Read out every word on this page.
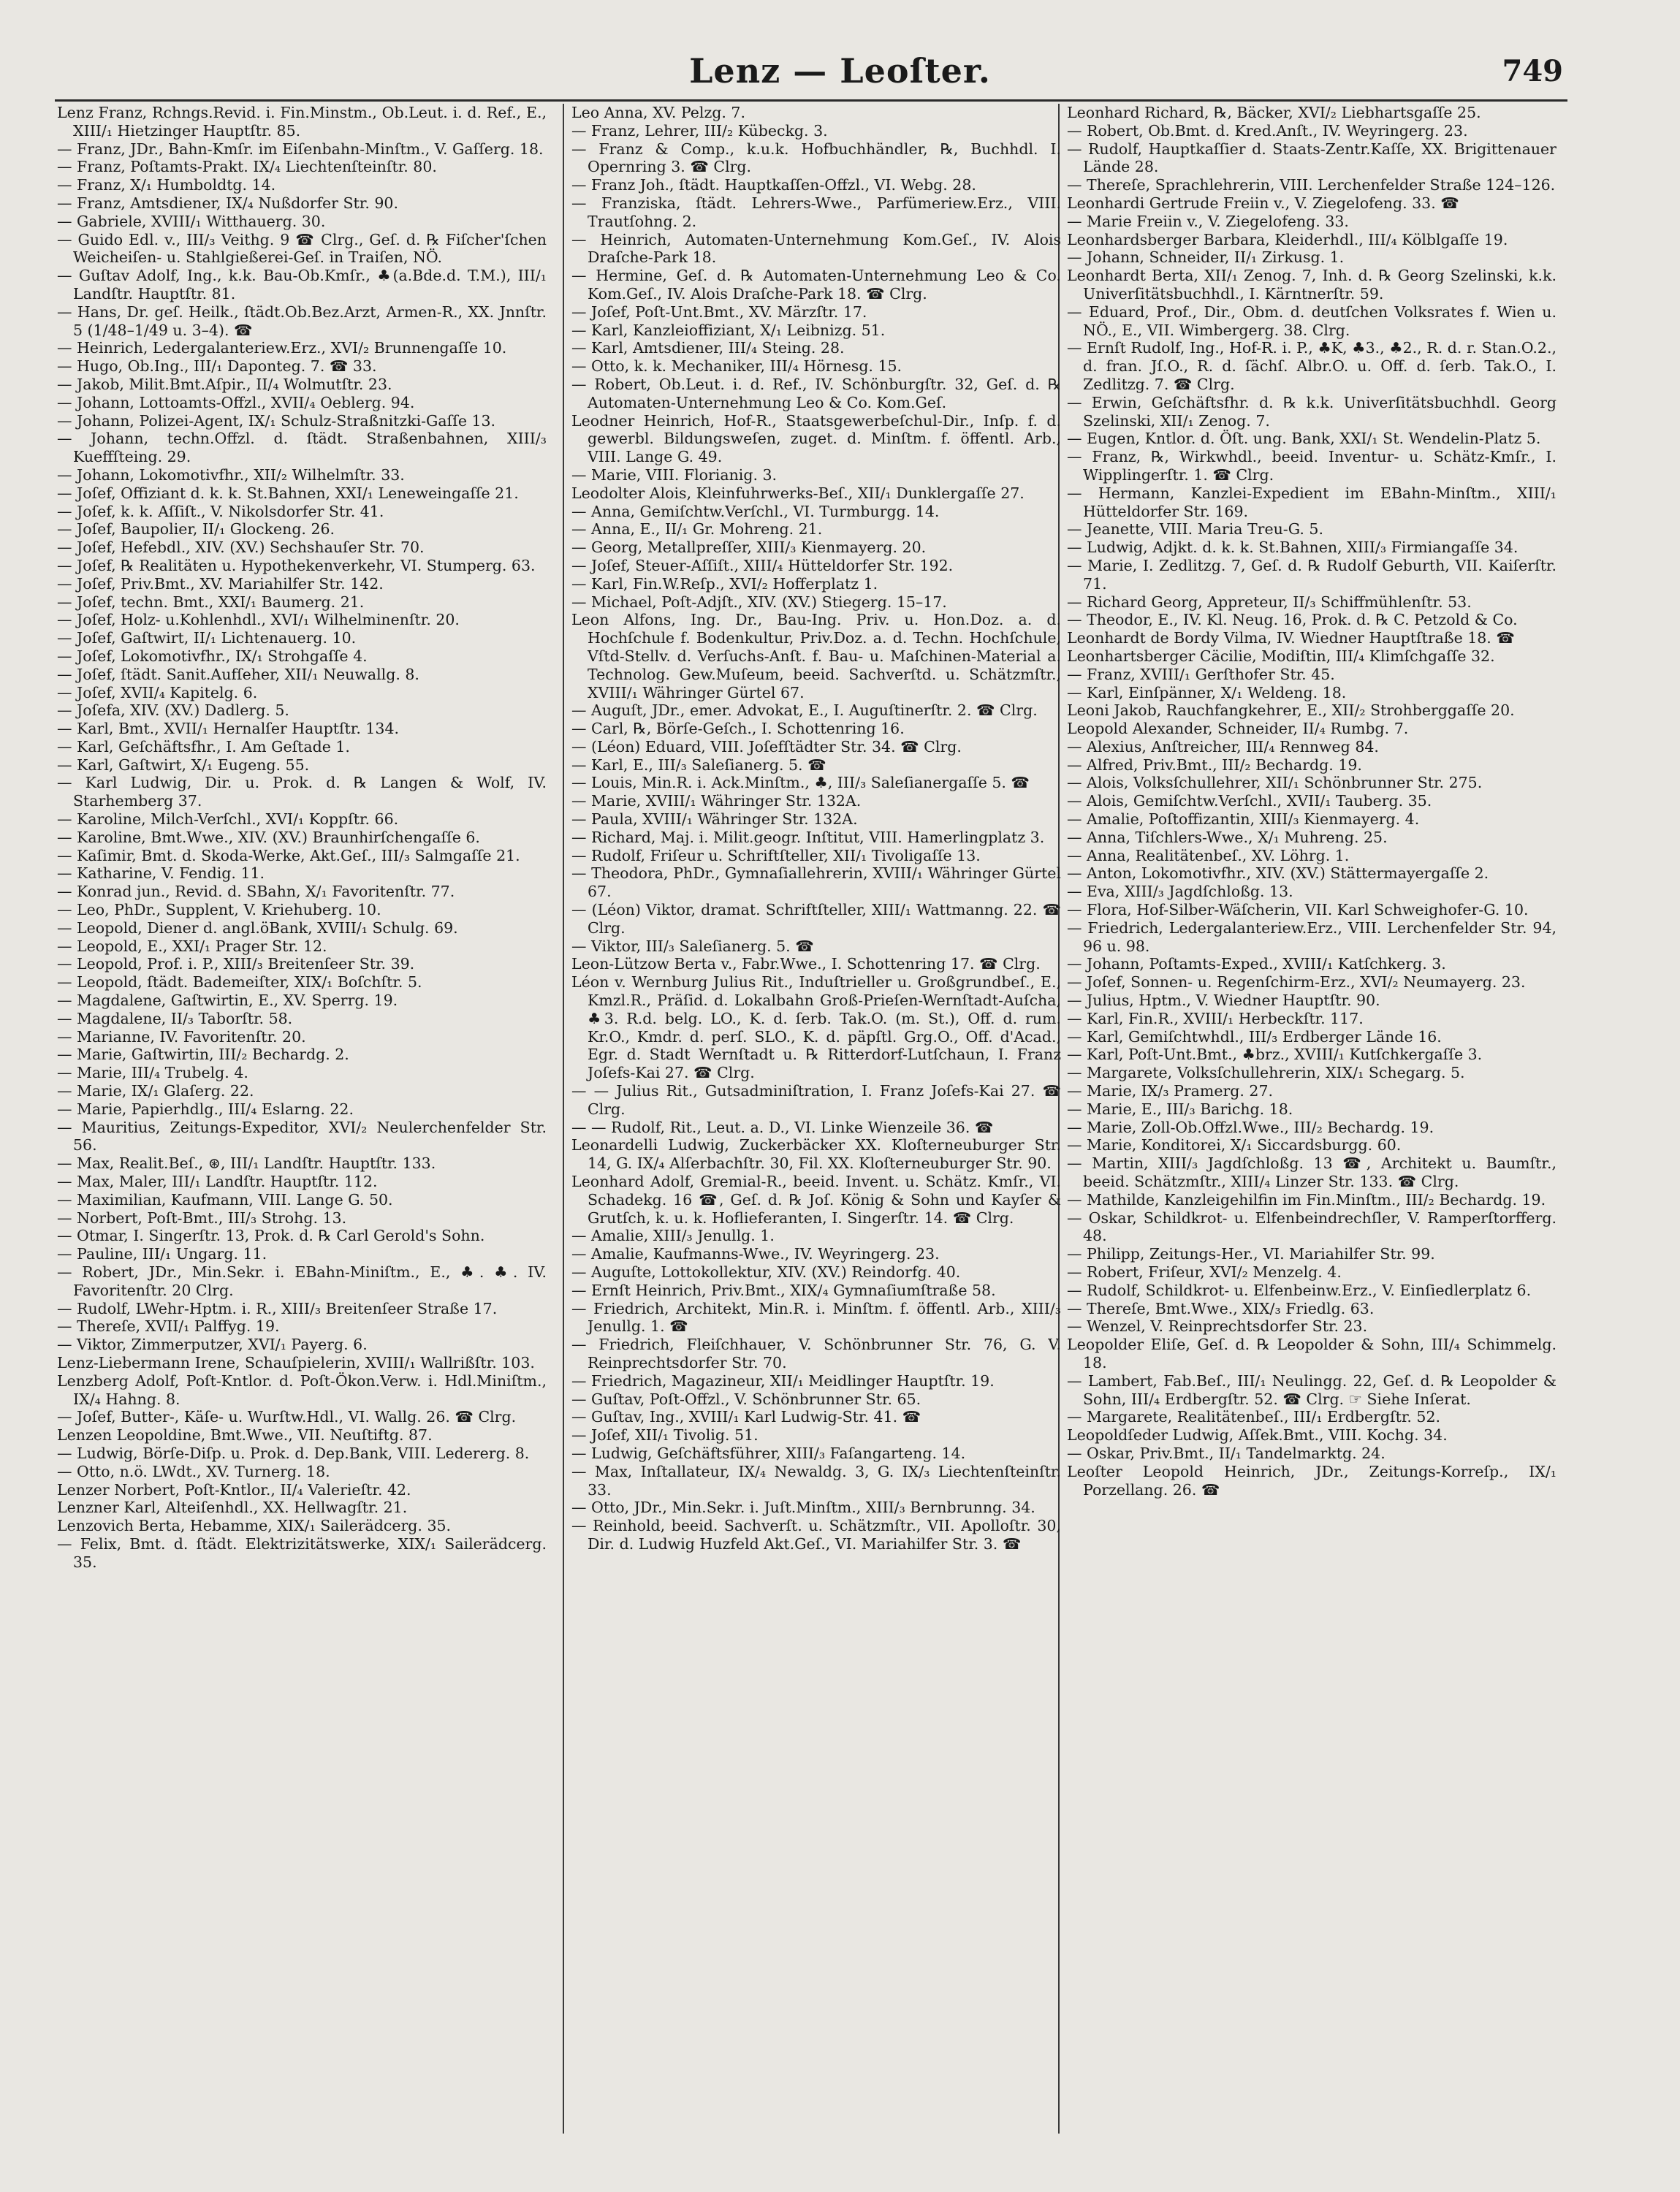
Lenz — Leoſter.	749

Lenz Franz, Rchngs.Revid. i. Fin.Minstm., Ob.Leut. i. d. Ref., E., XIII/₁ Hietzinger Hauptſtr. 85.

— Franz, JDr., Bahn-Kmſr. im Eiſenbahn-Minſtm., V. Gaſſerg. 18.

— Franz, Poſtamts-Prakt. IX/₄ Liechtenſteinſtr. 80.

— Franz, X/₁ Humboldtg. 14.

— Franz, Amtsdiener, IX/₄ Nußdorfer Str. 90.

— Gabriele, XVIII/₁ Witthauerg. 30.

— Guido Edl. v., III/₃ Veithg. 9 ☎ Clrg., Geſ. d. ℞ Fiſcher'ſchen Weicheiſen- u. Stahlgießerei-Geſ. in Traiſen, NÖ.

— Guſtav Adolf, Ing., k.k. Bau-Ob.Kmſr., ♣(a.Bde.d. T.M.), III/₁ Landſtr. Hauptſtr. 81.

— Hans, Dr. geſ. Heilk., ſtädt.Ob.Bez.Arzt, Armen-R., XX. Jnnſtr. 5 (1/48–1/49 u. 3–4). ☎

— Heinrich, Ledergalanteriew.Erz., XVI/₂ Brunnengaſſe 10.

— Hugo, Ob.Ing., III/₁ Daponteg. 7. ☎ 33.

— Jakob, Milit.Bmt.Aſpir., II/₄ Wolmutſtr. 23.

— Johann, Lottoamts-Offzl., XVII/₄ Oeblerg. 94.

— Johann, Polizei-Agent, IX/₁ Schulz-Straßnitzki-Gaſſe 13.

— Johann, techn.Offzl. d. ſtädt. Straßenbahnen, XIII/₃ Kueffſteing. 29.

— Johann, Lokomotivfhr., XII/₂ Wilhelmſtr. 33.

— Joſef, Offiziant d. k. k. St.Bahnen, XXI/₁ Leneweingaſſe 21.

— Joſef, k. k. Aſſiſt., V. Nikolsdorfer Str. 41.

— Joſef, Baupolier, II/₁ Glockeng. 26.

— Joſef, Hefebdl., XIV. (XV.) Sechshauſer Str. 70.

— Joſef, ℞ Realitäten u. Hypothekenverkehr, VI. Stumperg. 63.

— Joſef, Priv.Bmt., XV. Mariahilfer Str. 142.

— Joſef, techn. Bmt., XXI/₁ Baumerg. 21.

— Joſef, Holz- u.Kohlenhdl., XVI/₁ Wilhelminenſtr. 20.

— Joſef, Gaſtwirt, II/₁ Lichtenauerg. 10.

— Joſef, Lokomotivfhr., IX/₁ Strohgaſſe 4.

— Joſef, ſtädt. Sanit.Aufſeher, XII/₁ Neuwallg. 8.

— Joſef, XVII/₄ Kapitelg. 6.

— Joſefa, XIV. (XV.) Dadlerg. 5.

— Karl, Bmt., XVII/₁ Hernalſer Hauptſtr. 134.

— Karl, Geſchäftsfhr., I. Am Geſtade 1.

— Karl, Gaſtwirt, X/₁ Eugeng. 55.

— Karl Ludwig, Dir. u. Prok. d. ℞ Langen & Wolf, IV. Starhemberg 37.

— Karoline, Milch-Verſchl., XVI/₁ Koppſtr. 66.

— Karoline, Bmt.Wwe., XIV. (XV.) Braunhirſchengaſſe 6.

— Kaſimir, Bmt. d. Skoda-Werke, Akt.Geſ., III/₃ Salmgaſſe 21.

— Katharine, V. Fendig. 11.

— Konrad jun., Revid. d. SBahn, X/₁ Favoritenſtr. 77.

— Leo, PhDr., Supplent, V. Kriehuberg. 10.

— Leopold, Diener d. angl.öBank, XVIII/₁ Schulg. 69.

— Leopold, E., XXI/₁ Prager Str. 12.

— Leopold, Prof. i. P., XIII/₃ Breitenſeer Str. 39.

— Leopold, ſtädt. Bademeiſter, XIX/₁ Boſchſtr. 5.

— Magdalene, Gaſtwirtin, E., XV. Sperrg. 19.

— Magdalene, II/₃ Taborſtr. 58.

— Marianne, IV. Favoritenſtr. 20.

— Marie, Gaſtwirtin, III/₂ Bechardg. 2.

— Marie, III/₄ Trubelg. 4.

— Marie, IX/₁ Glaſerg. 22.

— Marie, Papierhdlg., III/₄ Eslarng. 22.

— Mauritius, Zeitungs-Expeditor, XVI/₂ Neulerchenfelder Str. 56.

— Max, Realit.Beſ., ⊛, III/₁ Landſtr. Hauptſtr. 133.

— Max, Maler, III/₁ Landſtr. Hauptſtr. 112.

— Maximilian, Kaufmann, VIII. Lange G. 50.

— Norbert, Poſt-Bmt., III/₃ Strohg. 13.

— Otmar, I. Singerſtr. 13, Prok. d. ℞ Carl Gerold's Sohn.

— Pauline, III/₁ Ungarg. 11.

— Robert, JDr., Min.Sekr. i. EBahn-Miniſtm., E., ♣. ♣. IV. Favoritenſtr. 20 Clrg.

— Rudolf, LWehr-Hptm. i. R., XIII/₃ Breitenſeer Straße 17.

— Thereſe, XVII/₁ Palffyg. 19.

— Viktor, Zimmerputzer, XVI/₁ Payerg. 6.

Lenz-Liebermann Irene, Schauſpielerin, XVIII/₁ Wallrißſtr. 103.

Lenzberg Adolf, Poſt-Kntlor. d. Poſt-Ökon.Verw. i. Hdl.Miniſtm., IX/₄ Hahng. 8.

— Joſef, Butter-, Käſe- u. Wurſtw.Hdl., VI. Wallg. 26. ☎ Clrg.

Lenzen Leopoldine, Bmt.Wwe., VII. Neuſtiftg. 87.

— Ludwig, Börſe-Diſp. u. Prok. d. Dep.Bank, VIII. Ledererg. 8.

— Otto, n.ö. LWdt., XV. Turnerg. 18.

Lenzer Norbert, Poſt-Kntlor., II/₄ Valerieſtr. 42.

Lenzner Karl, Alteiſenhdl., XX. Hellwagſtr. 21.

Lenzovich Berta, Hebamme, XIX/₁ Sailerädcerg. 35.

— Felix, Bmt. d. ſtädt. Elektrizitätswerke, XIX/₁ Sailerädcerg. 35.

Leo Anna, XV. Pelzg. 7.

— Franz, Lehrer, III/₂ Kübeckg. 3.

— Franz & Comp., k.u.k. Hofbuchhändler, ℞, Buchhdl. I. Opernring 3. ☎ Clrg.

— Franz Joh., ſtädt. Hauptkaſſen-Offzl., VI. Webg. 28.

— Franziska, ſtädt. Lehrers-Wwe., Parfümeriew.Erz., VIII. Trautſohng. 2.

— Heinrich, Automaten-Unternehmung Kom.Geſ., IV. Alois Draſche-Park 18.

— Hermine, Geſ. d. ℞ Automaten-Unternehmung Leo & Co. Kom.Geſ., IV. Alois Draſche-Park 18. ☎ Clrg.

— Joſef, Poſt-Unt.Bmt., XV. Märzſtr. 17.

— Karl, Kanzleioffiziant, X/₁ Leibnizg. 51.

— Karl, Amtsdiener, III/₄ Steing. 28.

— Otto, k. k. Mechaniker, III/₄ Hörnesg. 15.

— Robert, Ob.Leut. i. d. Ref., IV. Schönburgſtr. 32, Geſ. d. ℞ Automaten-Unternehmung Leo & Co. Kom.Geſ.

Leodner Heinrich, Hof-R., Staatsgewerbeſchul-Dir., Inſp. f. d. gewerbl. Bildungsweſen, zuget. d. Minſtm. f. öffentl. Arb., VIII. Lange G. 49.

— Marie, VIII. Florianig. 3.

Leodolter Alois, Kleinfuhrwerks-Beſ., XII/₁ Dunklergaſſe 27.

— Anna, Gemiſchtw.Verſchl., VI. Turmburgg. 14.

— Anna, E., II/₁ Gr. Mohreng. 21.

— Georg, Metallpreſſer, XIII/₃ Kienmayerg. 20.

— Joſef, Steuer-Aſſiſt., XIII/₄ Hütteldorfer Str. 192.

— Karl, Fin.W.Reſp., XVI/₂ Hofferplatz 1.

— Michael, Poſt-Adjſt., XIV. (XV.) Stiegerg. 15–17.

Leon Alfons, Ing. Dr., Bau-Ing. Priv. u. Hon.Doz. a. d. Hochſchule f. Bodenkultur, Priv.Doz. a. d. Techn. Hochſchule, Vſtd-Stellv. d. Verſuchs-Anſt. f. Bau- u. Maſchinen-Material a. Technolog. Gew.Muſeum, beeid. Sachverſtd. u. Schätzmſtr., XVIII/₁ Währinger Gürtel 67.

— Auguſt, JDr., emer. Advokat, E., I. Auguſtinerſtr. 2. ☎ Clrg.

— Carl, ℞, Börſe-Geſch., I. Schottenring 16.

— (Léon) Eduard, VIII. Joſefſtädter Str. 34. ☎ Clrg.

— Karl, E., III/₃ Saleſianerg. 5. ☎

— Louis, Min.R. i. Ack.Minſtm., ♣, III/₃ Saleſianergaſſe 5. ☎

— Marie, XVIII/₁ Währinger Str. 132A.

— Paula, XVIII/₁ Währinger Str. 132A.

— Richard, Maj. i. Milit.geogr. Inſtitut, VIII. Hamerlingplatz 3.

— Rudolf, Friſeur u. Schriftſteller, XII/₁ Tivoligaſſe 13.

— Theodora, PhDr., Gymnaſiallehrerin, XVIII/₁ Währinger Gürtel 67.

— (Léon) Viktor, dramat. Schriftſteller, XIII/₁ Wattmanng. 22. ☎ Clrg.

— Viktor, III/₃ Saleſianerg. 5. ☎

Leon-Lützow Berta v., Fabr.Wwe., I. Schottenring 17. ☎ Clrg.

Léon v. Wernburg Julius Rit., Induſtrieller u. Großgrundbeſ., E., Kmzl.R., Präſid. d. Lokalbahn Groß-Prieſen-Wernſtadt-Auſcha, ♣3. R.d. belg. LO., K. d. ſerb. Tak.O. (m. St.), Off. d. rum. Kr.O., Kmdr. d. perſ. SLO., K. d. päpſtl. Grg.O., Off. d'Acad., Egr. d. Stadt Wernſtadt u. ℞ Ritterdorf-Lutſchaun, I. Franz Joſefs-Kai 27. ☎ Clrg.

— — Julius Rit., Gutsadminiſtration, I. Franz Joſefs-Kai 27. ☎ Clrg.

— — Rudolf, Rit., Leut. a. D., VI. Linke Wienzeile 36. ☎

Leonardelli Ludwig, Zuckerbäcker XX. Kloſterneuburger Str. 14, G. IX/₄ Alſerbachſtr. 30, Fil. XX. Kloſterneuburger Str. 90.

Leonhard Adolf, Gremial-R., beeid. Invent. u. Schätz. Kmſr., VI. Schadekg. 16 ☎, Geſ. d. ℞ Joſ. König & Sohn und Kayſer & Grutſch, k. u. k. Hoflieferanten, I. Singerſtr. 14. ☎ Clrg.

— Amalie, XIII/₃ Jenullg. 1.

— Amalie, Kaufmanns-Wwe., IV. Weyringerg. 23.

— Auguſte, Lottokollektur, XIV. (XV.) Reindorfg. 40.

— Ernſt Heinrich, Priv.Bmt., XIX/₄ Gymnaſiumſtraße 58.

— Friedrich, Architekt, Min.R. i. Minſtm. f. öffentl. Arb., XIII/₃ Jenullg. 1. ☎

— Friedrich, Fleiſchhauer, V. Schönbrunner Str. 76, G. V. Reinprechtsdorfer Str. 70.

— Friedrich, Magazineur, XII/₁ Meidlinger Hauptſtr. 19.

— Guſtav, Poſt-Offzl., V. Schönbrunner Str. 65.

— Guſtav, Ing., XVIII/₁ Karl Ludwig-Str. 41. ☎

— Joſef, XII/₁ Tivolig. 51.

— Ludwig, Geſchäftsführer, XIII/₃ Faſangarteng. 14.

— Max, Inſtallateur, IX/₄ Newaldg. 3, G. IX/₃ Liechtenſteinſtr. 33.

— Otto, JDr., Min.Sekr. i. Juſt.Minſtm., XIII/₃ Bernbrunng. 34.

— Reinhold, beeid. Sachverſt. u. Schätzmſtr., VII. Apolloſtr. 30, Dir. d. Ludwig Huzfeld Akt.Geſ., VI. Mariahilfer Str. 3. ☎

Leonhard Richard, ℞, Bäcker, XVI/₂ Liebhartsgaſſe 25.

— Robert, Ob.Bmt. d. Kred.Anſt., IV. Weyringerg. 23.

— Rudolf, Hauptkaſſier d. Staats-Zentr.Kaſſe, XX. Brigittenauer Lände 28.

— Thereſe, Sprachlehrerin, VIII. Lerchenfelder Straße 124–126.

Leonhardi Gertrude Freiin v., V. Ziegelofeng. 33. ☎

— Marie Freiin v., V. Ziegelofeng. 33.

Leonhardsberger Barbara, Kleiderhdl., III/₄ Kölblgaſſe 19.

— Johann, Schneider, II/₁ Zirkusg. 1.

Leonhardt Berta, XII/₁ Zenog. 7, Inh. d. ℞ Georg Szelinski, k.k. Univerſitätsbuchhdl., I. Kärntnerſtr. 59.

— Eduard, Prof., Dir., Obm. d. deutſchen Volksrates f. Wien u. NÖ., E., VII. Wimbergerg. 38. Clrg.

— Ernſt Rudolf, Ing., Hof-R. i. P., ♣K, ♣3., ♣2., R. d. r. Stan.O.2., d. fran. Jſ.O., R. d. ſächſ. Albr.O. u. Off. d. ſerb. Tak.O., I. Zedlitzg. 7. ☎ Clrg.

— Erwin, Geſchäftsfhr. d. ℞ k.k. Univerſitätsbuchhdl. Georg Szelinski, XII/₁ Zenog. 7.

— Eugen, Kntlor. d. Öſt. ung. Bank, XXI/₁ St. Wendelin-Platz 5.

— Franz, ℞, Wirkwhdl., beeid. Inventur- u. Schätz-Kmſr., I. Wipplingerſtr. 1. ☎ Clrg.

— Hermann, Kanzlei-Expedient im EBahn-Minſtm., XIII/₁ Hütteldorfer Str. 169.

— Jeanette, VIII. Maria Treu-G. 5.

— Ludwig, Adjkt. d. k. k. St.Bahnen, XIII/₃ Firmiangaſſe 34.

— Marie, I. Zedlitzg. 7, Geſ. d. ℞ Rudolf Geburth, VII. Kaiſerſtr. 71.

— Richard Georg, Appreteur, II/₃ Schiffmühlenſtr. 53.

— Theodor, E., IV. Kl. Neug. 16, Prok. d. ℞ C. Petzold & Co.

Leonhardt de Bordy Vilma, IV. Wiedner Hauptſtraße 18. ☎

Leonhartsberger Cäcilie, Modiſtin, III/₄ Klimſchgaſſe 32.

— Franz, XVIII/₁ Gerſthofer Str. 45.

— Karl, Einſpänner, X/₁ Weldeng. 18.

Leoni Jakob, Rauchfangkehrer, E., XII/₂ Strohberggaſſe 20.

Leopold Alexander, Schneider, II/₄ Rumbg. 7.

— Alexius, Anſtreicher, III/₄ Rennweg 84.

— Alfred, Priv.Bmt., III/₂ Bechardg. 19.

— Alois, Volksſchullehrer, XII/₁ Schönbrunner Str. 275.

— Alois, Gemiſchtw.Verſchl., XVII/₁ Tauberg. 35.

— Amalie, Poſtoffizantin, XIII/₃ Kienmayerg. 4.

— Anna, Tiſchlers-Wwe., X/₁ Muhreng. 25.

— Anna, Realitätenbeſ., XV. Löhrg. 1.

— Anton, Lokomotivfhr., XIV. (XV.) Stättermayergaſſe 2.

— Eva, XIII/₃ Jagdſchloßg. 13.

— Flora, Hof-Silber-Wäſcherin, VII. Karl Schweighofer-G. 10.

— Friedrich, Ledergalanteriew.Erz., VIII. Lerchenfelder Str. 94, 96 u. 98.

— Johann, Poſtamts-Exped., XVIII/₁ Katſchkerg. 3.

— Joſef, Sonnen- u. Regenſchirm-Erz., XVI/₂ Neumayerg. 23.

— Julius, Hptm., V. Wiedner Hauptſtr. 90.

— Karl, Fin.R., XVIII/₁ Herbeckſtr. 117.

— Karl, Gemiſchtwhdl., III/₃ Erdberger Lände 16.

— Karl, Poſt-Unt.Bmt., ♣brz., XVIII/₁ Kutſchkergaſſe 3.

— Margarete, Volksſchullehrerin, XIX/₁ Schegarg. 5.

— Marie, IX/₃ Pramerg. 27.

— Marie, E., III/₃ Barichg. 18.

— Marie, Zoll-Ob.Offzl.Wwe., III/₂ Bechardg. 19.

— Marie, Konditorei, X/₁ Siccardsburgg. 60.

— Martin, XIII/₃ Jagdſchloßg. 13 ☎, Architekt u. Baumſtr., beeid. Schätzmſtr., XIII/₄ Linzer Str. 133. ☎ Clrg.

— Mathilde, Kanzleigehilfin im Fin.Minſtm., III/₂ Bechardg. 19.

— Oskar, Schildkrot- u. Elfenbeindrechſler, V. Ramperſtorfferg. 48.

— Philipp, Zeitungs-Her., VI. Mariahilfer Str. 99.

— Robert, Friſeur, XVI/₂ Menzelg. 4.

— Rudolf, Schildkrot- u. Elfenbeinw.Erz., V. Einſiedlerplatz 6.

— Thereſe, Bmt.Wwe., XIX/₃ Friedlg. 63.

— Wenzel, V. Reinprechtsdorfer Str. 23.

Leopolder Eliſe, Geſ. d. ℞ Leopolder & Sohn, III/₄ Schimmelg. 18.

— Lambert, Fab.Beſ., III/₁ Neulingg. 22, Geſ. d. ℞ Leopolder & Sohn, III/₄ Erdbergſtr. 52. ☎ Clrg. ☞ Siehe Inſerat.

— Margarete, Realitätenbeſ., III/₁ Erdbergſtr. 52.

Leopoldſeder Ludwig, Aſſek.Bmt., VIII. Kochg. 34.

— Oskar, Priv.Bmt., II/₁ Tandelmarktg. 24.

Leoſter Leopold Heinrich, JDr., Zeitungs-Korreſp., IX/₁ Porzellang. 26. ☎
